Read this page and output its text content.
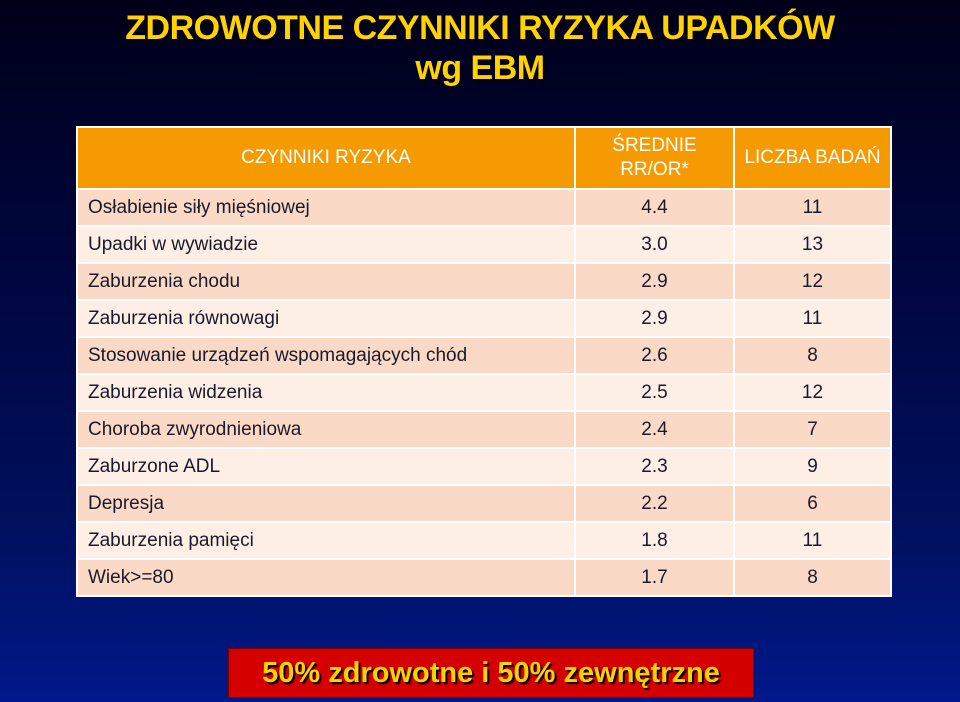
ZDROWOTNE CZYNNIKI RYZYKA UPADKÓW
wg EBM
CZYNNIKI RYZYKA	ŚREDNIE RR/OR*	LICZBA BADAŃ
Osłabienie siły mięśniowej	4.4	11
Upadki w wywiadzie	3.0	13
Zaburzenia chodu	2.9	12
Zaburzenia równowagi	2.9	11
Stosowanie urządzeń wspomagających chód	2.6	8
Zaburzenia widzenia	2.5	12
Choroba zwyrodnieniowa	2.4	7
Zaburzone ADL	2.3	9
Depresja	2.2	6
Zaburzenia pamięci	1.8	11
Wiek>=80	1.7	8
50% zdrowotne i 50% zewnętrzne
